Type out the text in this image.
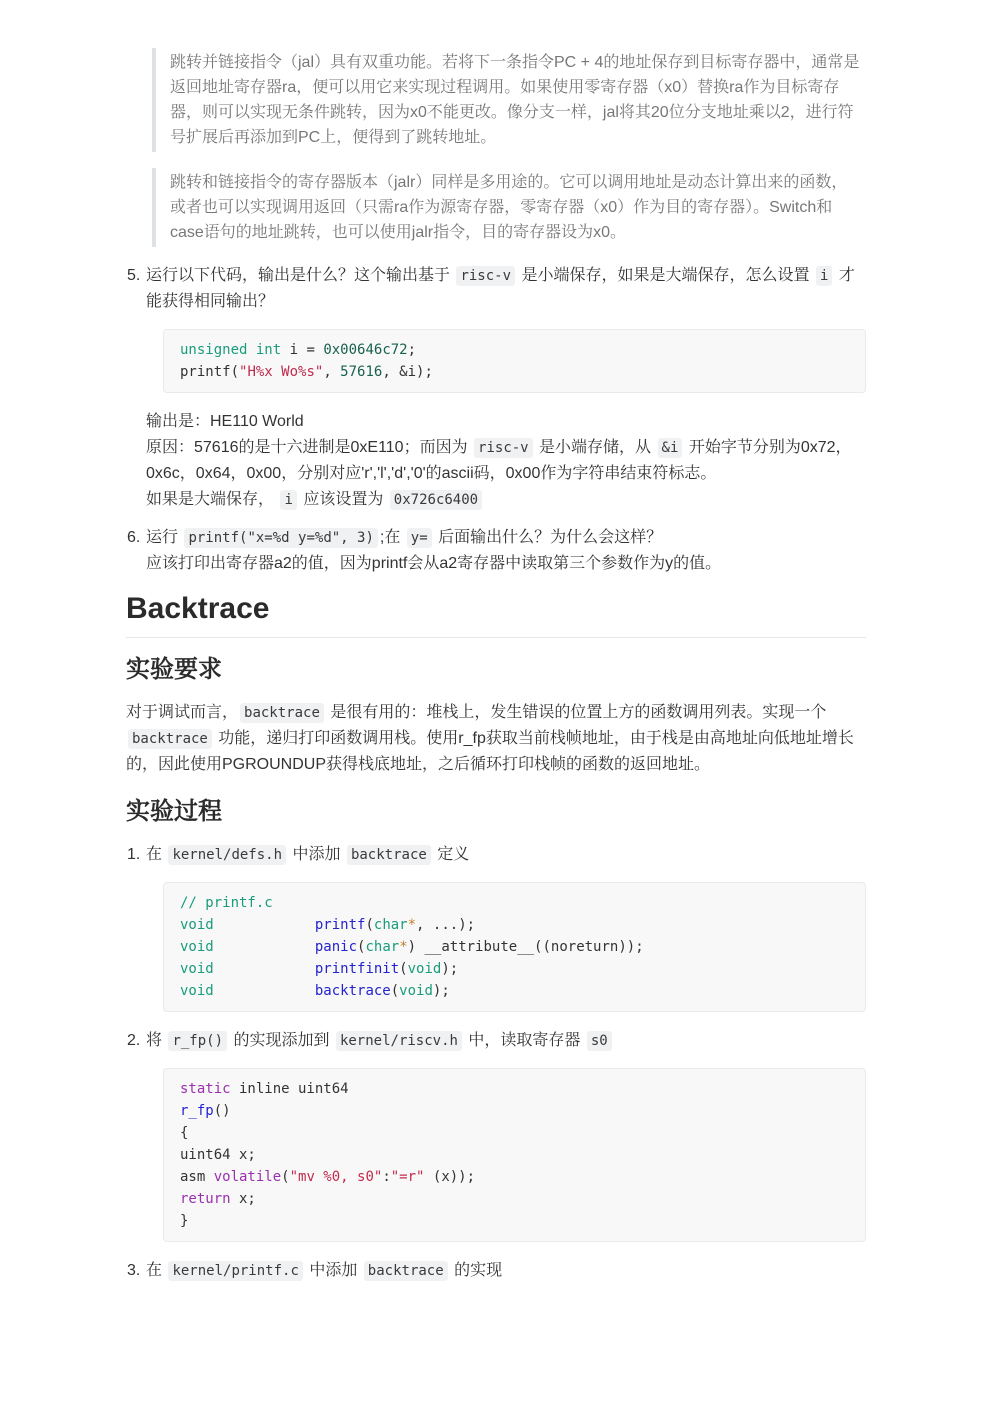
跳转并链接指令（jal）具有双重功能。若将下一条指令PC + 4的地址保存到目标寄存器中，通常是返回地址寄存器ra，便可以用它来实现过程调用。如果使用零寄存器（x0）替换ra作为目标寄存器，则可以实现无条件跳转，因为x0不能更改。像分支一样，jal将其20位分支地址乘以2，进行符号扩展后再添加到PC上，便得到了跳转地址。

跳转和链接指令的寄存器版本（jalr）同样是多用途的。它可以调用地址是动态计算出来的函数，或者也可以实现调用返回（只需ra作为源寄存器，零寄存器（x0）作为目的寄存器）。Switch和case语句的地址跳转，也可以使用jalr指令，目的寄存器设为x0。

5. 运行以下代码，输出是什么？这个输出基于 risc-v 是小端保存，如果是大端保存，怎么设置 i 才能获得相同输出？

unsigned int i = 0x00646c72;
printf("H%x Wo%s", 57616, &i);
输出是：HE110 World
原因：57616的是十六进制是0xE110；而因为 risc-v 是小端存储，从 &i 开始字节分别为0x72，
0x6c，0x64，0x00，分别对应'r','l','d','0'的ascii码，0x00作为字符串结束符标志。
如果是大端保存， i 应该设置为 0x726c6400
6. 运行 printf("x=%d y=%d", 3) ;在 y= 后面输出什么？为什么会这样？

应该打印出寄存器a2的值，因为printf会从a2寄存器中读取第三个参数作为y的值。

Backtrace
实验要求

对于调试而言， backtrace 是很有用的：堆栈上，发生错误的位置上方的函数调用列表。实现一个 backtrace 功能，递归打印函数调用栈。使用r_fp获取当前栈帧地址，由于栈是由高地址向低地址增长的，因此使用PGROUNDUP获得栈底地址，之后循环打印栈帧的函数的返回地址。

实验过程
1. 在 kernel/defs.h 中添加 backtrace 定义

// printf.c
void	printf(char*, ...);
void	panic(char*) __attribute__((noreturn));
void	printfinit(void);
void	backtrace(void);
2. 将 r_fp() 的实现添加到 kernel/riscv.h 中，读取寄存器 s0

static inline uint64
r_fp()
{
uint64 x;
asm volatile("mv %0, s0":"=r" (x));
return x;
}
3. 在 kernel/printf.c 中添加 backtrace 的实现
